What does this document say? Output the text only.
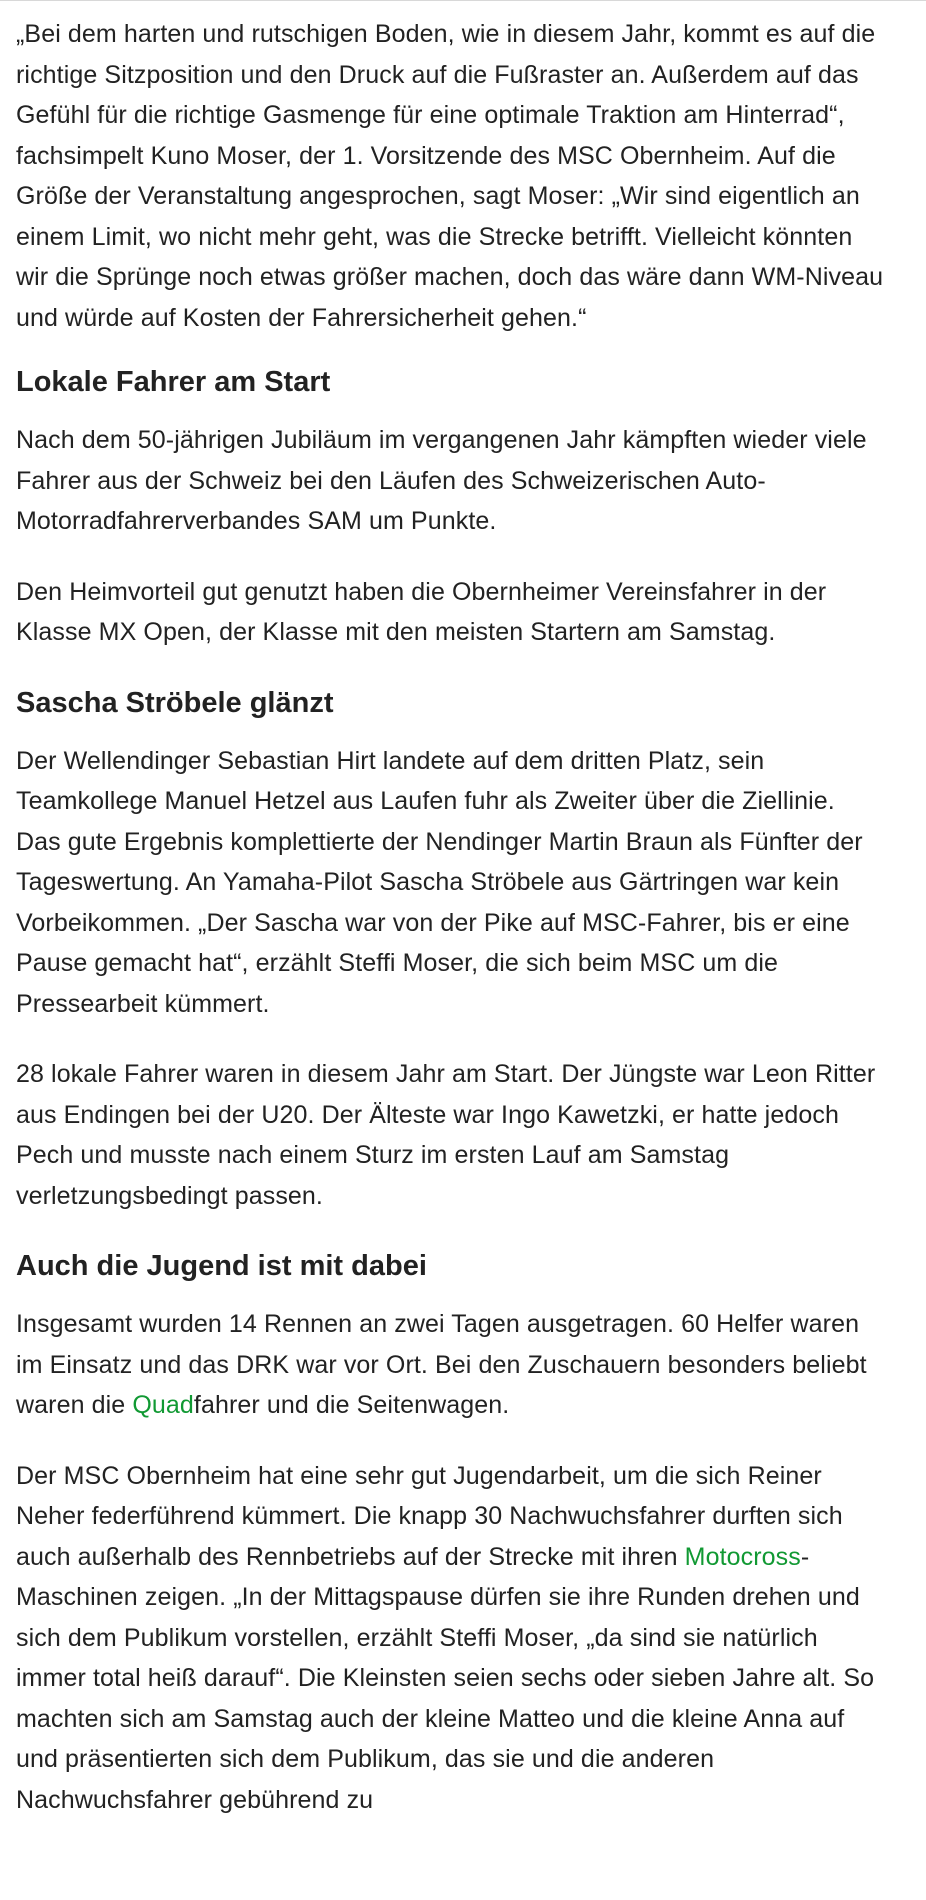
„Bei dem harten und rutschigen Boden, wie in diesem Jahr, kommt es auf die richtige Sitzposition und den Druck auf die Fußraster an. Außerdem auf das Gefühl für die richtige Gasmenge für eine optimale Traktion am Hinterrad“, fachsimpelt Kuno Moser, der 1. Vorsitzende des MSC Obernheim. Auf die Größe der Veranstaltung angesprochen, sagt Moser: „Wir sind eigentlich an einem Limit, wo nicht mehr geht, was die Strecke betrifft. Vielleicht könnten wir die Sprünge noch etwas größer machen, doch das wäre dann WM-Niveau und würde auf Kosten der Fahrersicherheit gehen.“

Lokale Fahrer am Start

Nach dem 50-jährigen Jubiläum im vergangenen Jahr kämpften wieder viele Fahrer aus der Schweiz bei den Läufen des Schweizerischen Auto-Motorradfahrerverbandes SAM um Punkte.

Den Heimvorteil gut genutzt haben die Obernheimer Vereinsfahrer in der Klasse MX Open, der Klasse mit den meisten Startern am Samstag.

Sascha Ströbele glänzt

Der Wellendinger Sebastian Hirt landete auf dem dritten Platz, sein Teamkollege Manuel Hetzel aus Laufen fuhr als Zweiter über die Ziellinie. Das gute Ergebnis komplettierte der Nendinger Martin Braun als Fünfter der Tageswertung. An Yamaha-Pilot Sascha Ströbele aus Gärtringen war kein Vorbeikommen. „Der Sascha war von der Pike auf MSC-Fahrer, bis er eine Pause gemacht hat“, erzählt Steffi Moser, die sich beim MSC um die Pressearbeit kümmert.

28 lokale Fahrer waren in diesem Jahr am Start. Der Jüngste war Leon Ritter aus Endingen bei der U20. Der Älteste war Ingo Kawetzki, er hatte jedoch Pech und musste nach einem Sturz im ersten Lauf am Samstag verletzungsbedingt passen.

Auch die Jugend ist mit dabei

Insgesamt wurden 14 Rennen an zwei Tagen ausgetragen. 60 Helfer waren im Einsatz und das DRK war vor Ort. Bei den Zuschauern besonders beliebt waren die Quadfahrer und die Seitenwagen.

Der MSC Obernheim hat eine sehr gut Jugendarbeit, um die sich Reiner Neher federführend kümmert. Die knapp 30 Nachwuchsfahrer durften sich auch außerhalb des Rennbetriebs auf der Strecke mit ihren Motocross-Maschinen zeigen. „In der Mittagspause dürfen sie ihre Runden drehen und sich dem Publikum vorstellen, erzählt Steffi Moser, „da sind sie natürlich immer total heiß darauf“. Die Kleinsten seien sechs oder sieben Jahre alt. So machten sich am Samstag auch der kleine Matteo und die kleine Anna auf und präsentierten sich dem Publikum, das sie und die anderen Nachwuchsfahrer gebührend zu
